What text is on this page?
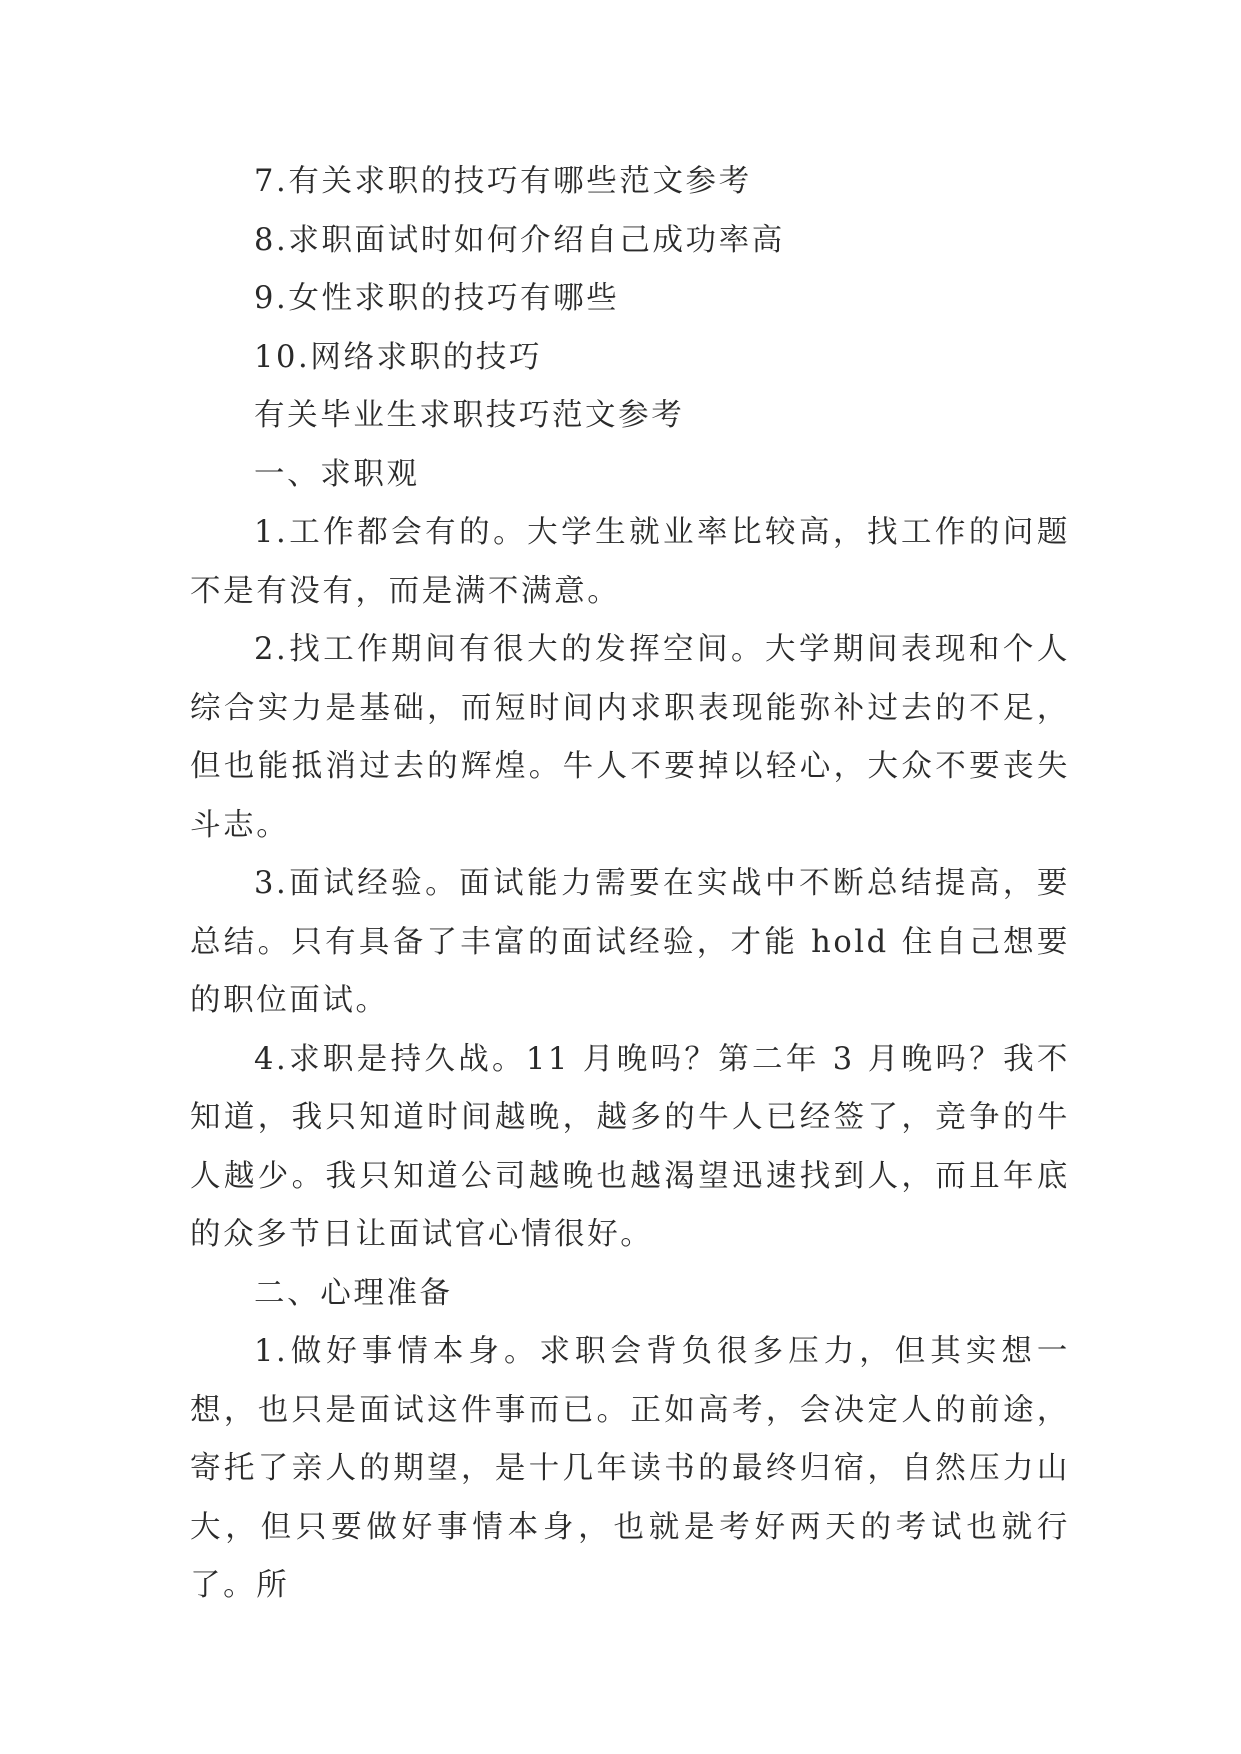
7.有关求职的技巧有哪些范文参考

8.求职面试时如何介绍自己成功率高

9.女性求职的技巧有哪些

10.网络求职的技巧

有关毕业生求职技巧范文参考

一、求职观

1.工作都会有的。大学生就业率比较高，找工作的问题不是有没有，而是满不满意。

2.找工作期间有很大的发挥空间。大学期间表现和个人综合实力是基础，而短时间内求职表现能弥补过去的不足，但也能抵消过去的辉煌。牛人不要掉以轻心，大众不要丧失斗志。

3.面试经验。面试能力需要在实战中不断总结提高，要总结。只有具备了丰富的面试经验，才能 hold 住自己想要的职位面试。

4.求职是持久战。11 月晚吗？第二年 3 月晚吗？我不知道，我只知道时间越晚，越多的牛人已经签了，竞争的牛人越少。我只知道公司越晚也越渴望迅速找到人，而且年底的众多节日让面试官心情很好。

二、心理准备

1.做好事情本身。求职会背负很多压力，但其实想一想，也只是面试这件事而已。正如高考，会决定人的前途，寄托了亲人的期望，是十几年读书的最终归宿，自然压力山大，但只要做好事情本身，也就是考好两天的考试也就行了。所
